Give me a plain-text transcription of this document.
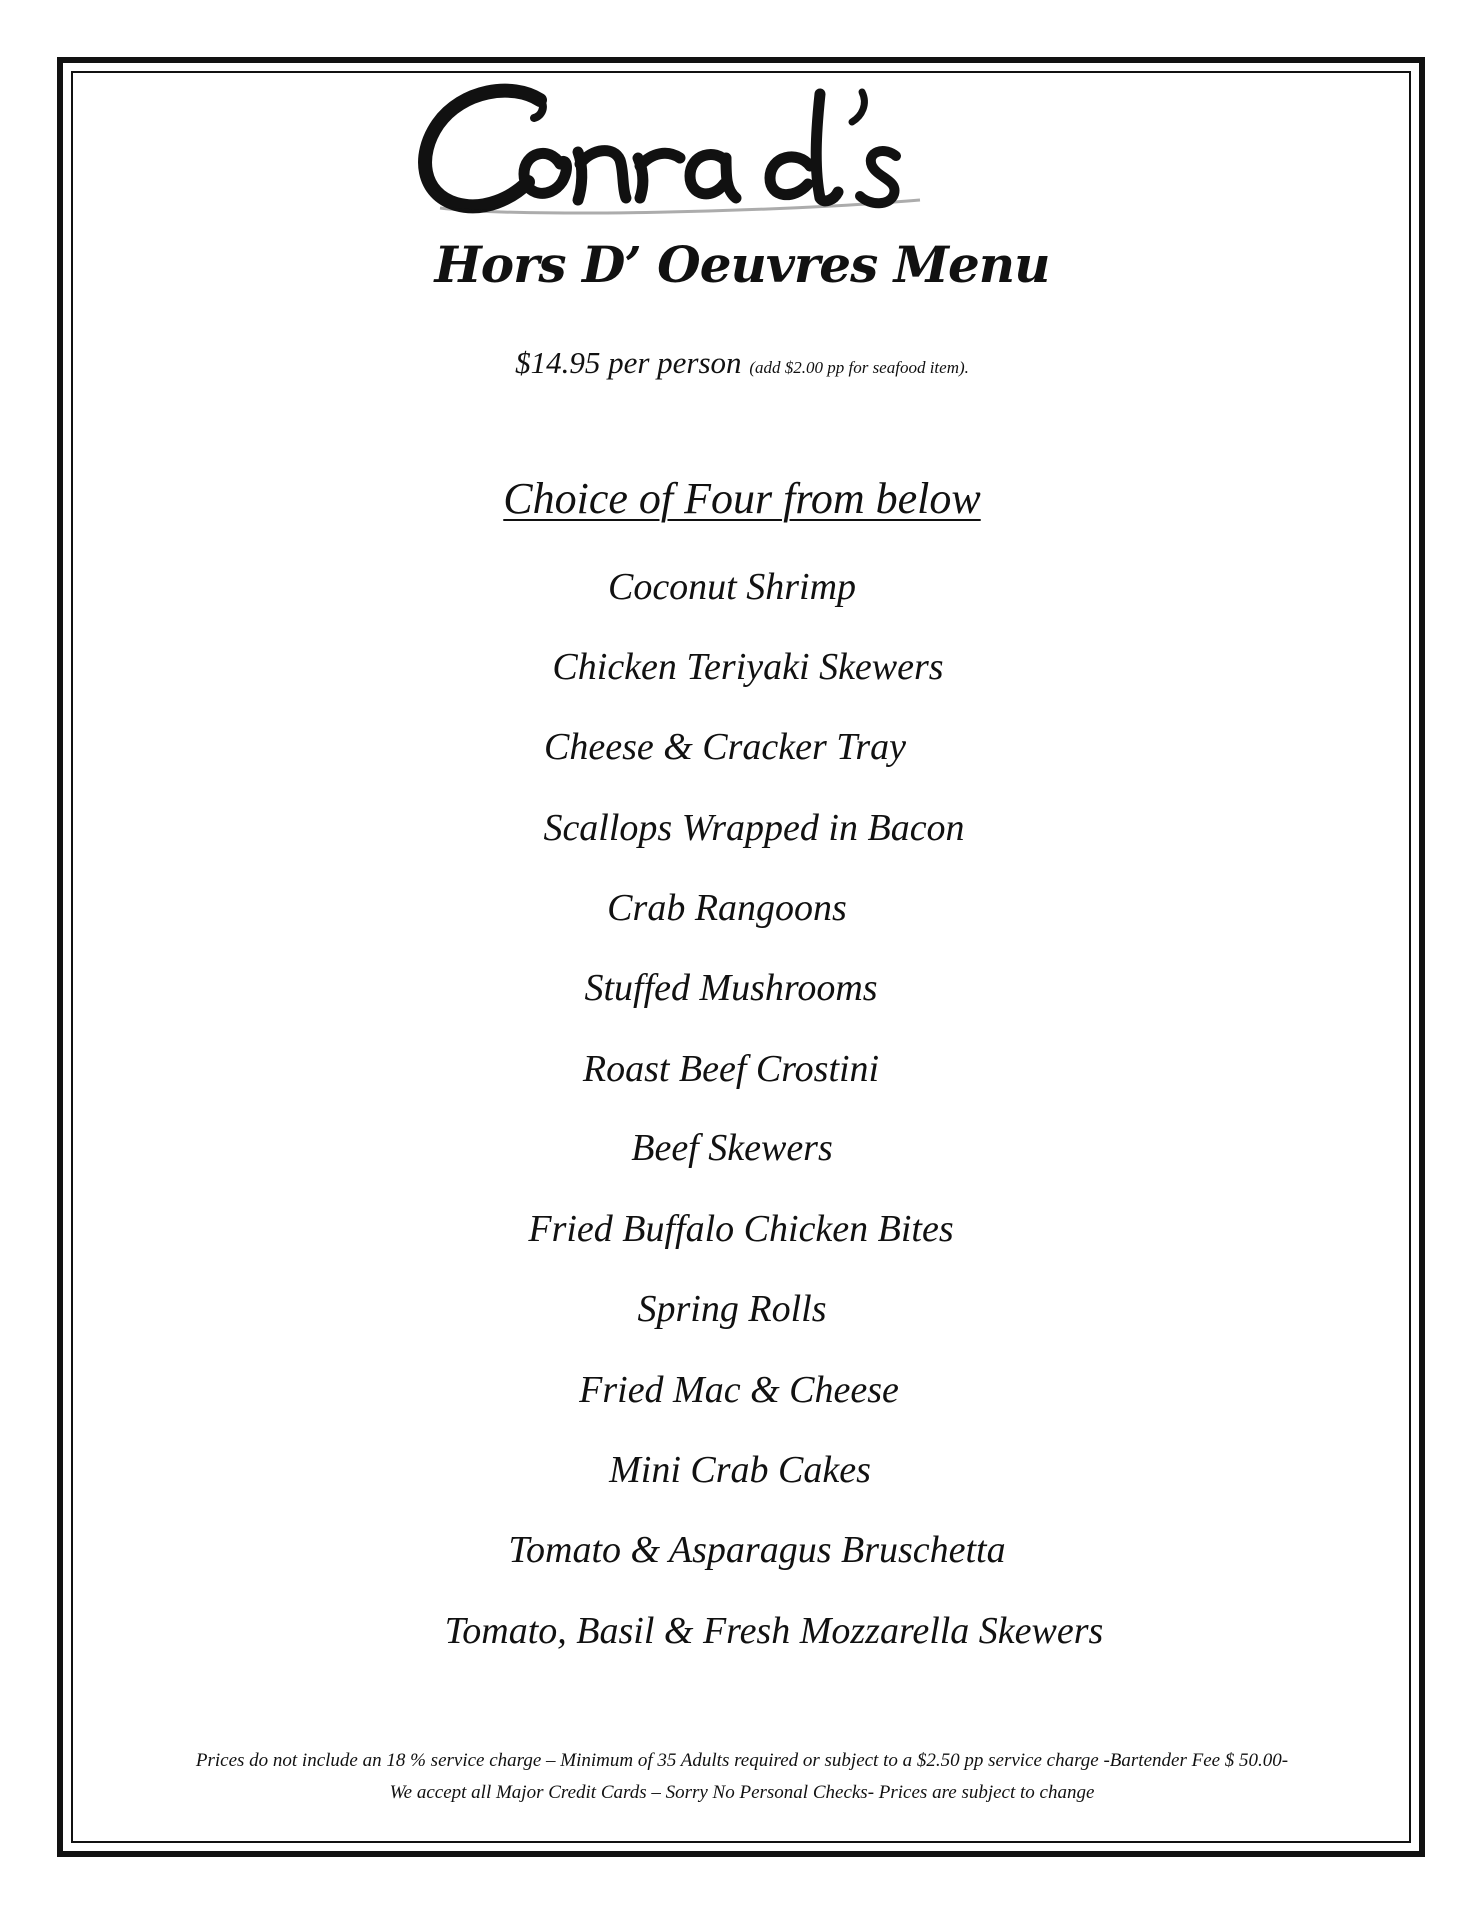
Hors D’ Oeuvres Menu
$14.95 per person (add $2.00 pp for seafood item).
Choice of Four from below
Coconut Shrimp
Chicken Teriyaki Skewers
Cheese & Cracker Tray
Scallops Wrapped in Bacon
Crab Rangoons
Stuffed Mushrooms
Roast Beef Crostini
Beef Skewers
Fried Buffalo Chicken Bites
Spring Rolls
Fried Mac & Cheese
Mini Crab Cakes
Tomato & Asparagus Bruschetta
Tomato, Basil & Fresh Mozzarella Skewers
Prices do not include an 18 % service charge – Minimum of 35 Adults required or subject to a $2.50 pp service charge -Bartender Fee $ 50.00-
We accept all Major Credit Cards – Sorry No Personal Checks- Prices are subject to change
